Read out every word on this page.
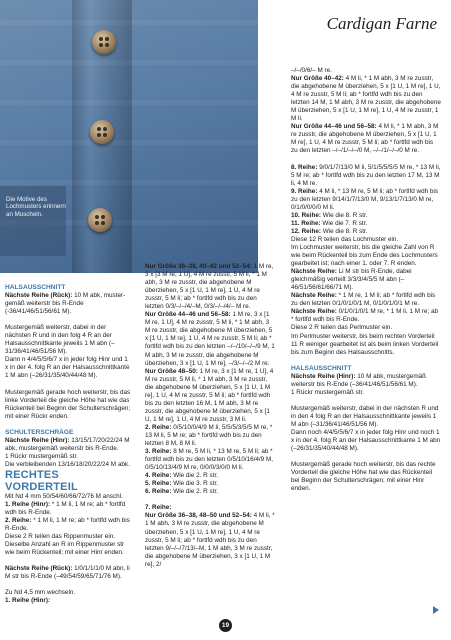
Die Motive des Lochmusters erinnern an Muscheln.
Cardigan Farne

HALSAUSSCHNITT

Nächste Reihe (Rück): 10 M abk, mustergemäß weiterstr bis R-Ende (-36/41/46/51/56/61 M).

Mustergemäß weiterstr, dabei in der nächsten R und in den folg 4 R an der Halsausschnittkante jeweils 1 M abn (–31/36/41/46/51/56 M).

Dann n 4/4/5/5/6/7 x in jeder folg Hinr und 1 x in der 4. folg R an der Halsausschnittkante 1 M abn (–26/31/35/40/44/48 M).

Mustergemäß gerade hoch weiterstr, bis das linke Vorderteil die gleiche Höhe hat wie das Rückenteil bei Beginn der Schulterschrägen; mit einer Rückr enden.

SCHULTERSCHRÄGE

Nächste Reihe (Hinr): 13/15/17/20/22/24 M abk, mustergemäß weiterstr bis R-Ende.

1 Rückr mustergemäß str.

Die verbleibenden 13/16/18/20/22/24 M abk.

RECHTES VORDERTEIL

Mit Nd 4 mm 50/54/60/66/72/76 M anschl.

1. Reihe (Hinr): * 1 M li, 1 M re; ab * fortlfd wdh bis R-Ende.

2. Reihe: * 1 M li, 1 M re; ab * fortlfd wdh bis R-Ende.

Diese 2 R teilen das Rippenmuster ein.

Dieselbe Anzahl an R im Rippenmuster str wie beim Rückenteil; mit einer Hinr enden.

Nächste Reihe (Rück): 1/0/1/1/1/0 M abn, li M str bis R-Ende (–49/54/59/65/71/76 M).

Zu Nd 4,5 mm wechseln.

1. Reihe (Hinr):

Nur Größe 36–38, 40–42 und 52–54: 1 M re, 3 x [3 M re, 1 U], 4 M re zusstr, 5 M li, * 1 M abh, 3 M re zusstr, die abgehobene M überziehen, 5 x [1 U, 1 M re], 1 U, 4 M re zusstr, 5 M li; ab * fortlfd wdh bis zu den letzten 0/3/–/–/4/–M, 0/3/–/–/4/– M re.

Nur Größe 44–46 und 56–58: 1 M re, 3 x [1 M re, 1 U], 4 M re zusstr, 5 M li, * 1 M abh, 3 M re zusstr, die abgehobene M überziehen, 5 x [1 U, 1 M re], 1 U, 4 M re zusstr, 5 M li; ab * fortlfd wdh bis zu den letzten –/–/10/–/–/9 M, 1 M abh, 3 M re zusstr, die abgehobene M überziehen, 3 x [1 U, 1 M re], –/3/–/–/2 M re.

Nur Größe 48–50: 1 M re, 3 x [1 M re, 1 U], 4 M re zusstr, 5 M li, * 1 M abh, 3 M re zusstr, die abgehobene M überziehen, 5 x [1 U, 1 M re], 1 U, 4 M re zusstr, 5 M li; ab * fortlfd wdh bis zu den letzten 16 M, 1 M abh, 3 M re zusstr, die abgehobene M überziehen, 5 x [1 U, 1 M re], 1 U, 4 M re zusstr, 3 M li.

2. Reihe: 0/5/10/0/4/9 M li, 5/5/5/3/5/5 M re, * 13 M li, 5 M re; ab * fortlfd wdh bis zu den letzten 8 M, 8 M li.

3. Reihe: 8 M re, 5 M li, * 13 M re, 5 M li; ab * fortlfd wdh bis zu den letzten 0/5/10/16/4/9 M, 0/5/10/13/4/9 M re, 0/0/0/3/0/0 M li.

4. Reihe: Wie die 2. R str.

5. Reihe: Wie die 3. R str.

6. Reihe: Wie die 2. R str.

7. Reihe:

Nur Größe 36–38, 48–50 und 52–54: 4 M li, * 1 M abh, 3 M re zusstr, die abgehobene M überziehen, 5 x [1 U, 1 M re], 1 U, 4 M re zusstr, 5 M li; ab * fortlfd wdh bis zu den letzten 9/–/–/7/13/–M, 1 M abh, 3 M re zusstr, die abgehobene M überziehen, 3 x [1 U, 1 M re], 2/

–/–/0/6/– M re.

Nur Größe 40–42: 4 M li, * 1 M abh, 3 M re zusstr, die abgehobene M überziehen, 5 x [1 U, 1 M re], 1 U, 4 M re zusstr, 5 M li; ab * fortlfd wdh bis zu den letzten 14 M, 1 M abh, 3 M re zusstr, die abgehobene M überziehen, 5 x [1 U, 1 M re], 1 U, 4 M re zusstr, 1 M li.

Nur Größe 44–46 und 56–58: 4 M li, * 1 M abh, 3 M re zusstr, die abgehobene M überziehen, 5 x [1 U, 1 M re], 1 U, 4 M re zusstr, 5 M li; ab * fortlfd wdh bis zu den letzten –/–/1/–/–/0 M, –/–/1/–/–/0 M re.

8. Reihe: 9/0/1/7/13/0 M li, 5/1/5/5/5/5 M re, * 13 M li, 5 M re; ab * fortlfd wdh bis zu den letzten 17 M, 13 M li, 4 M re.

9. Reihe: 4 M li, * 13 M re, 5 M li; ab * fortlfd wdh bis zu den letzten 9/14/1/7/13/0 M, 9/13/1/7/13/0 M re, 0/1/0/0/0/0 M li.

10. Reihe: Wie die 8. R str.

11. Reihe: Wie die 7. R str.

12. Reihe: Wie die 8. R str.

Diese 12 R teilen das Lochmuster ein.

Im Lochmuster weiterstr, bis die gleiche Zahl von R wie beim Rückenteil bis zum Ende des Lochmusters gearbeitet ist; nach einer 1. oder 7. R enden.

Nächste Reihe: Li M str bis R-Ende, dabei gleichmäßig verteilt 3/3/3/4/5/5 M abn (– 46/51/56/61/66/71 M).

Nächste Reihe: * 1 M re, 1 M li; ab * fortlfd wdh bis zu den letzten 0/1/0/1/0/1 M, 0/1/0/1/0/1 M re.

Nächste Reihe: 0/1/0/1/0/1 M re, * 1 M li, 1 M re; ab * fortlfd wdh bis R-Ende.

Diese 2 R teilen das Perlmuster ein.

Im Perlmuster weiterstr, bis beim rechten Vorderteil 11 R weniger gearbeitet ist als beim linken Vorderteil bis zum Beginn des Halsausschnitts.

HALSAUSSCHNITT

Nächste Reihe (Hinr): 10 M abk, mustergemäß weiterstr bis R-Ende (–36/41/46/51/56/61 M).

1 Rückr mustergemäß str.

Mustergemäß weiterstr, dabei in der nächsten R und in den 4 folg R an der Halsausschnittkante jeweils 1 M abn (–31/36/41/46/51/56 M).

Dann noch 4/4/5/5/6/7 x in jeder folg Hinr und noch 1 x in der 4. folg R an der Halsausschnittkante 1 M abn (–26/31/35/40/44/48 M).

Mustergemäß gerade hoch weiterstr, bis das rechte Vorderteil die gleiche Höhe hat wie das Rückenteil bei Beginn der Schulterschrägen; mit einer Hinr enden.

19
